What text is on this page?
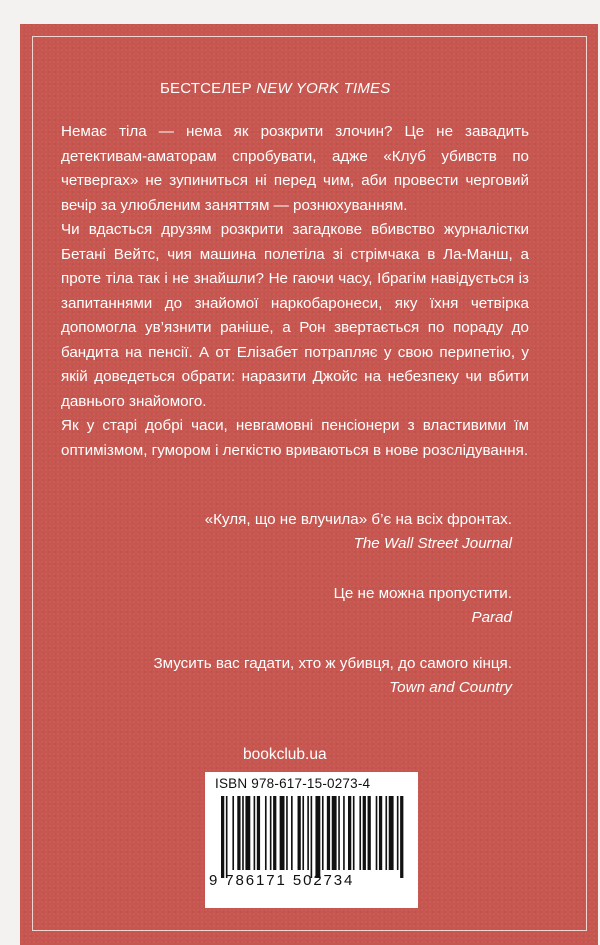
БЕСТСЕЛЕР NEW YORK TIMES

Немає тіла — нема як розкрити злочин? Це не завадить детективам-аматорам спробувати, адже «Клуб убивств по четвергах» не зупиниться ні перед чим, аби провести черговий вечір за улюбленим заняттям — рознюхуванням.

Чи вдасться друзям розкрити загадкове вбивство журналістки Бетані Вейтс, чия машина полетіла зі стрімчака в Ла-Манш, а проте тіла так і не знайшли? Не гаючи часу, Ібрагім навідується із запитаннями до знайомої наркобаронеси, яку їхня четвірка допомогла ув’язнити раніше, а Рон звертається по пораду до бандита на пенсії. А от Елізабет потрапляє у свою перипетію, у якій доведеться обрати: наразити Джойс на небезпеку чи вбити давнього знайомого.

Як у старі добрі часи, невгамовні пенсіонери з властивими їм оптимізмом, гумором і легкістю вриваються в нове розслідування.

«Куля, що не влучила» б’є на всіх фронтах.
The Wall Street Journal
Це не можна пропустити.
Parad
Змусить вас гадати, хто ж убивця, до самого кінця.
Town and Country
bookclub.ua
ISBN 978-617-15-0273-4
9 786171 502734
